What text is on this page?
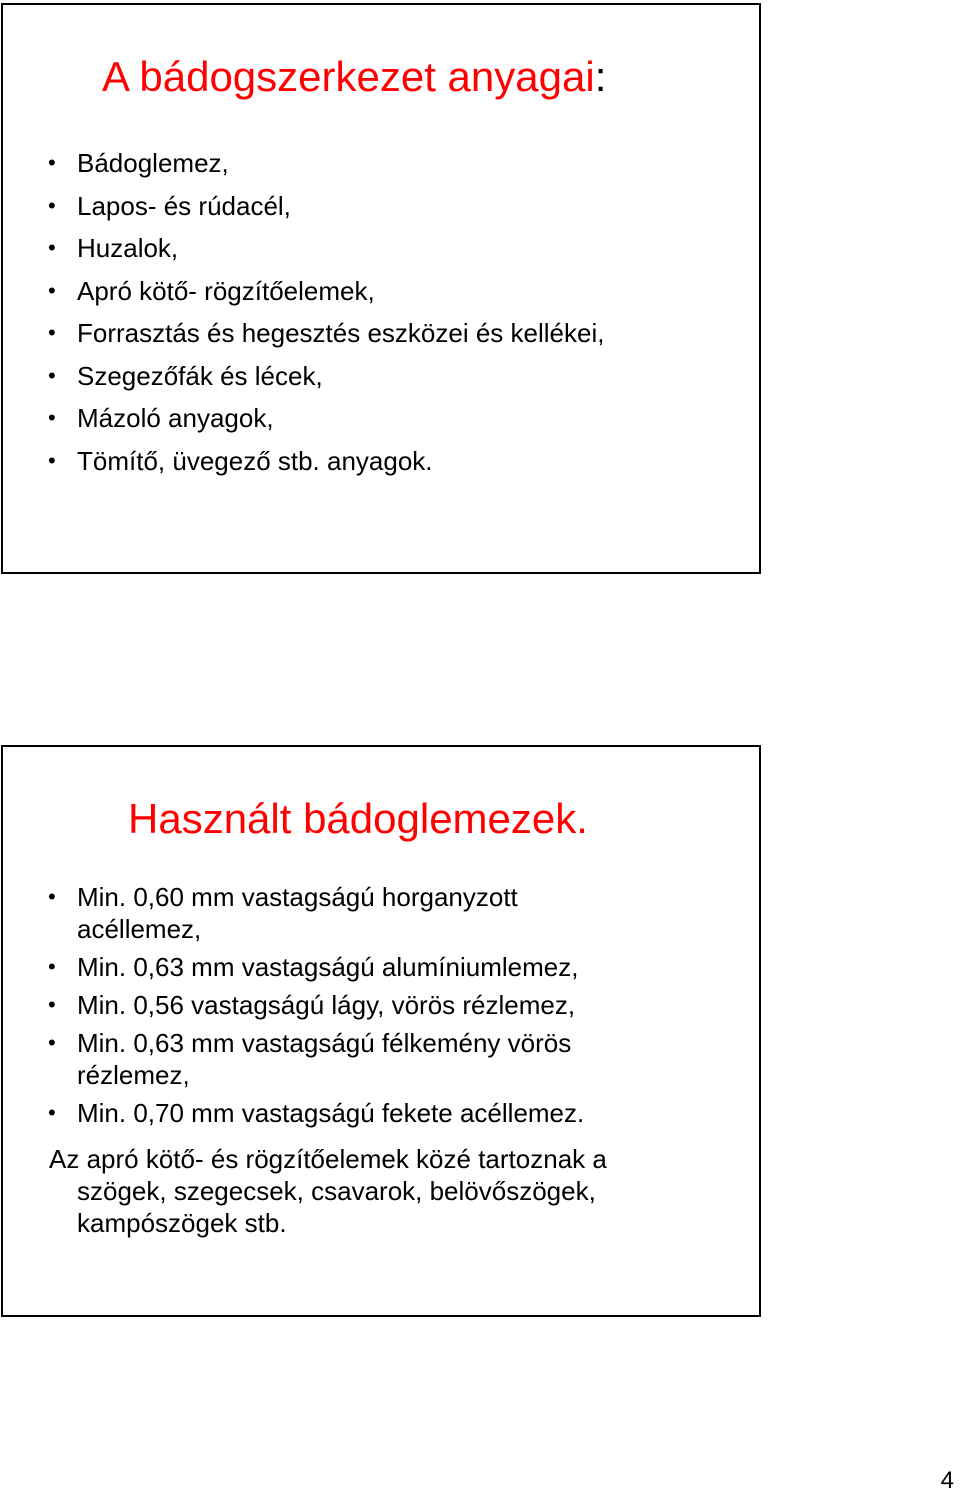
A bádogszerkezet anyagai:
• Bádoglemez,
• Lapos- és rúdacél,
• Huzalok,
• Apró kötő- rögzítőelemek,
• Forrasztás és hegesztés eszközei és kellékei,
• Szegezőfák és lécek,
• Mázoló anyagok,
• Tömítő, üvegező stb. anyagok.
Használt bádoglemezek.
• Min. 0,60 mm vastagságú horganyzott
acéllemez,
• Min. 0,63 mm vastagságú alumíniumlemez,
• Min. 0,56 vastagságú lágy, vörös rézlemez,
• Min. 0,63 mm vastagságú félkemény vörös
rézlemez,
• Min. 0,70 mm vastagságú fekete acéllemez.
Az apró kötő- és rögzítőelemek közé tartoznak a
szögek, szegecsek, csavarok, belövőszögek,
kampószögek stb.
4
